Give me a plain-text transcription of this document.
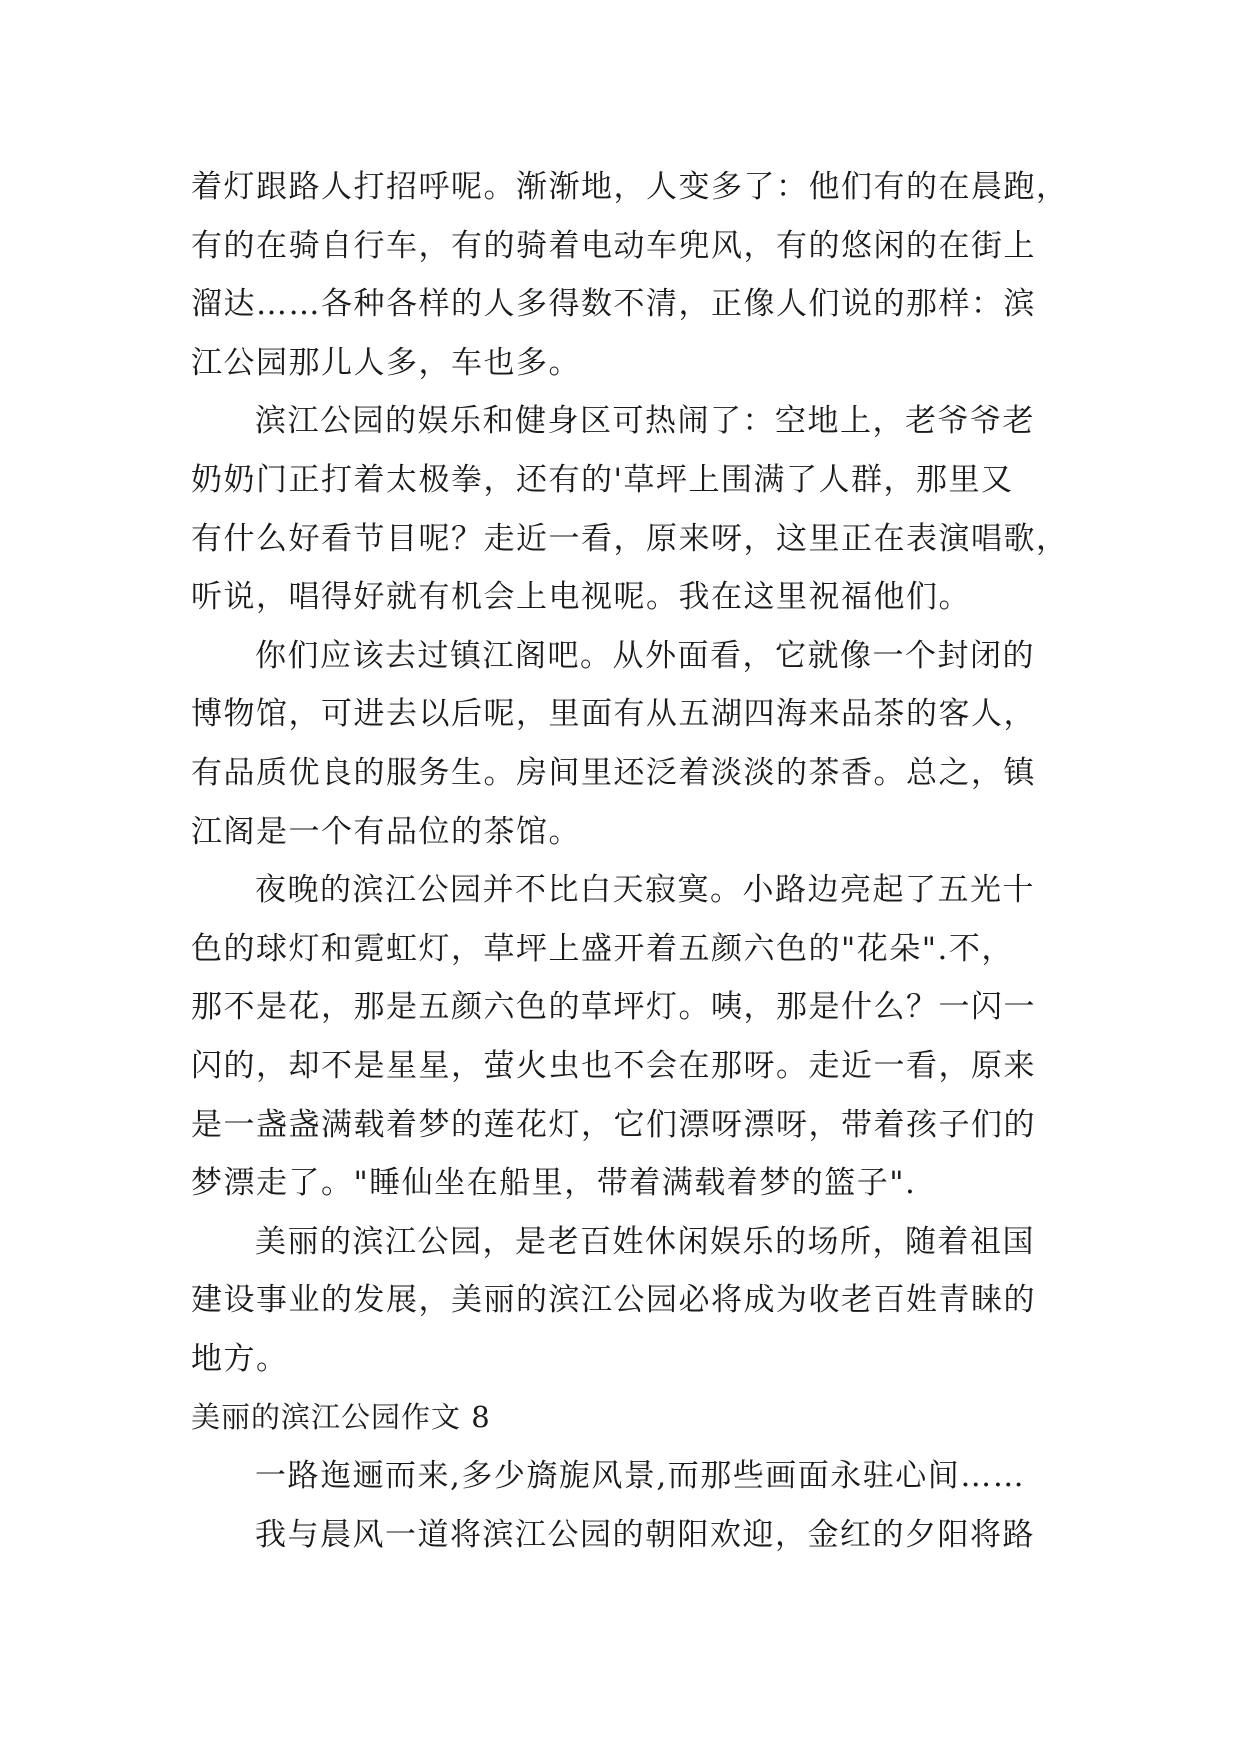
着灯跟路人打招呼呢。渐渐地，人变多了：他们有的在晨跑，
有的在骑自行车，有的骑着电动车兜风，有的悠闲的在街上
溜达……各种各样的人多得数不清，正像人们说的那样：滨
江公园那儿人多，车也多。
滨江公园的娱乐和健身区可热闹了：空地上，老爷爷老
奶奶门正打着太极拳，还有的'草坪上围满了人群，那里又
有什么好看节目呢？走近一看，原来呀，这里正在表演唱歌，
听说，唱得好就有机会上电视呢。我在这里祝福他们。
你们应该去过镇江阁吧。从外面看，它就像一个封闭的
博物馆，可进去以后呢，里面有从五湖四海来品茶的客人，
有品质优良的服务生。房间里还泛着淡淡的茶香。总之，镇
江阁是一个有品位的茶馆。
夜晚的滨江公园并不比白天寂寞。小路边亮起了五光十
色的球灯和霓虹灯，草坪上盛开着五颜六色的"花朵".不，
那不是花，那是五颜六色的草坪灯。咦，那是什么？一闪一
闪的，却不是星星，萤火虫也不会在那呀。走近一看，原来
是一盏盏满载着梦的莲花灯，它们漂呀漂呀，带着孩子们的
梦漂走了。"睡仙坐在船里，带着满载着梦的篮子".
美丽的滨江公园，是老百姓休闲娱乐的场所，随着祖国
建设事业的发展，美丽的滨江公园必将成为收老百姓青睐的
地方。
美丽的滨江公园作文 8
一路迤逦而来,多少旖旎风景,而那些画面永驻心间……
我与晨风一道将滨江公园的朝阳欢迎，金红的夕阳将路
